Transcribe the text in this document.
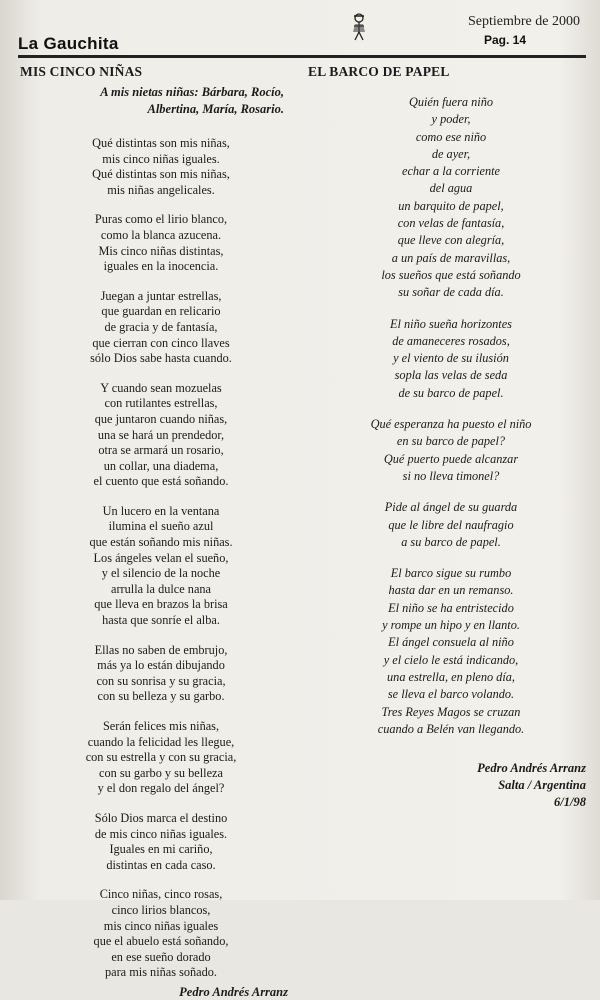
La Gauchita
Septiembre de 2000
Pag. 14
MIS CINCO NIÑAS
A mis nietas niñas: Bárbara, Rocío,
Albertina, María, Rosario.
Qué distintas son mis niñas,
mis cinco niñas iguales.
Qué distintas son mis niñas,
mis niñas angelicales.
Puras como el lirio blanco,
como la blanca azucena.
Mis cinco niñas distintas,
iguales en la inocencia.
Juegan a juntar estrellas,
que guardan en relicario
de gracia y de fantasía,
que cierran con cinco llaves
sólo Dios sabe hasta cuando.
Y cuando sean mozuelas
con rutilantes estrellas,
que juntaron cuando niñas,
una se hará un prendedor,
otra se armará un rosario,
un collar, una diadema,
el cuento que está soñando.
Un lucero en la ventana
ilumina el sueño azul
que están soñando mis niñas.
Los ángeles velan el sueño,
y el silencio de la noche
arrulla la dulce nana
que lleva en brazos la brisa
hasta que sonríe el alba.
Ellas no saben de embrujo,
más ya lo están dibujando
con su sonrisa y su gracia,
con su belleza y su garbo.
Serán felices mis niñas,
cuando la felicidad les llegue,
con su estrella y con su gracia,
con su garbo y su belleza
y el don regalo del ángel?
Sólo Dios marca el destino
de mis cinco niñas iguales.
Iguales en mi cariño,
distintas en cada caso.
Cinco niñas, cinco rosas,
cinco lirios blancos,
mis cinco niñas iguales
que el abuelo está soñando,
en ese sueño dorado
para mis niñas soñado.
Pedro Andrés Arranz
EL BARCO DE PAPEL
Quién fuera niño
y poder,
como ese niño
de ayer,
echar a la corriente
del agua
un barquito de papel,
con velas de fantasía,
que lleve con alegría,
a un país de maravillas,
los sueños que está soñando
su soñar de cada día.
El niño sueña horizontes
de amaneceres rosados,
y el viento de su ilusión
sopla las velas de seda
de su barco de papel.
Qué esperanza ha puesto el niño
en su barco de papel?
Qué puerto puede alcanzar
si no lleva timonel?
Pide al ángel de su guarda
que le libre del naufragio
a su barco de papel.
El barco sigue su rumbo
hasta dar en un remanso.
El niño se ha entristecido
y rompe un hipo y en llanto.
El ángel consuela al niño
y el cielo le está indicando,
una estrella, en pleno día,
se lleva el barco volando.
Tres Reyes Magos se cruzan
cuando a Belén van llegando.
Pedro Andrés Arranz
Salta / Argentina
6/1/98
